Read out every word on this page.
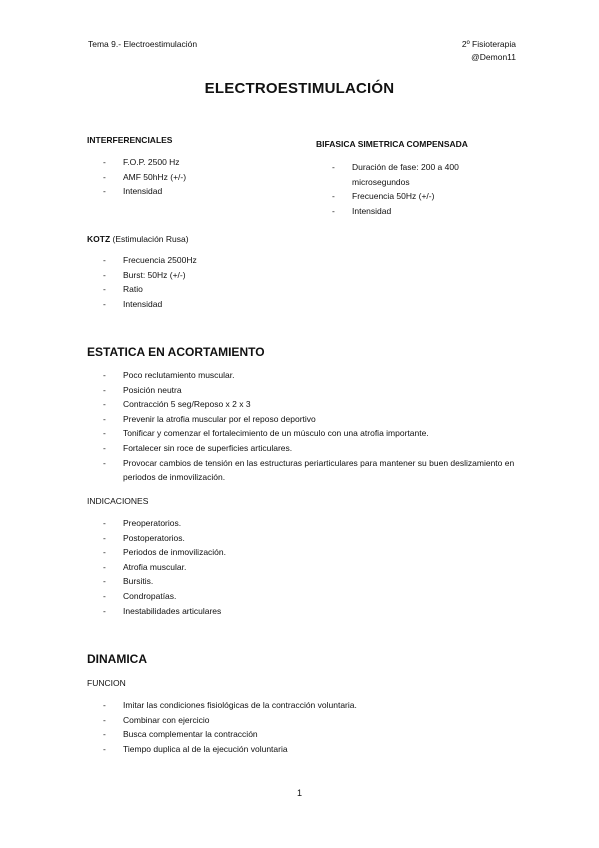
Tema 9.- Electroestimulación	2º Fisioterapia
@Demon11
ELECTROESTIMULACIÓN
INTERFERENCIALES
- F.O.P. 2500 Hz
- AMF 50hHz (+/-)
- Intensidad
BIFASICA SIMETRICA COMPENSADA
- Duración de fase: 200 a 400 microsegundos
- Frecuencia 50Hz (+/-)
- Intensidad
KOTZ (Estimulación Rusa)
- Frecuencia 2500Hz
- Burst: 50Hz (+/-)
- Ratio
- Intensidad
ESTATICA EN ACORTAMIENTO
- Poco reclutamiento muscular.
- Posición neutra
- Contracción 5 seg/Reposo x 2 x 3
- Prevenir la atrofia muscular por el reposo deportivo
- Tonificar y comenzar el fortalecimiento de un músculo con una atrofia importante.
- Fortalecer sin roce de superficies articulares.
- Provocar cambios de tensión en las estructuras periarticulares para mantener su buen deslizamiento en periodos de inmovilización.
INDICACIONES
- Preoperatorios.
- Postoperatorios.
- Periodos de inmovilización.
- Atrofia muscular.
- Bursitis.
- Condropatías.
- Inestabilidades articulares
DINAMICA
FUNCION
- Imitar las condiciones fisiológicas de la contracción voluntaria.
- Combinar con ejercicio
- Busca complementar la contracción
- Tiempo duplica al de la ejecución voluntaria
1
